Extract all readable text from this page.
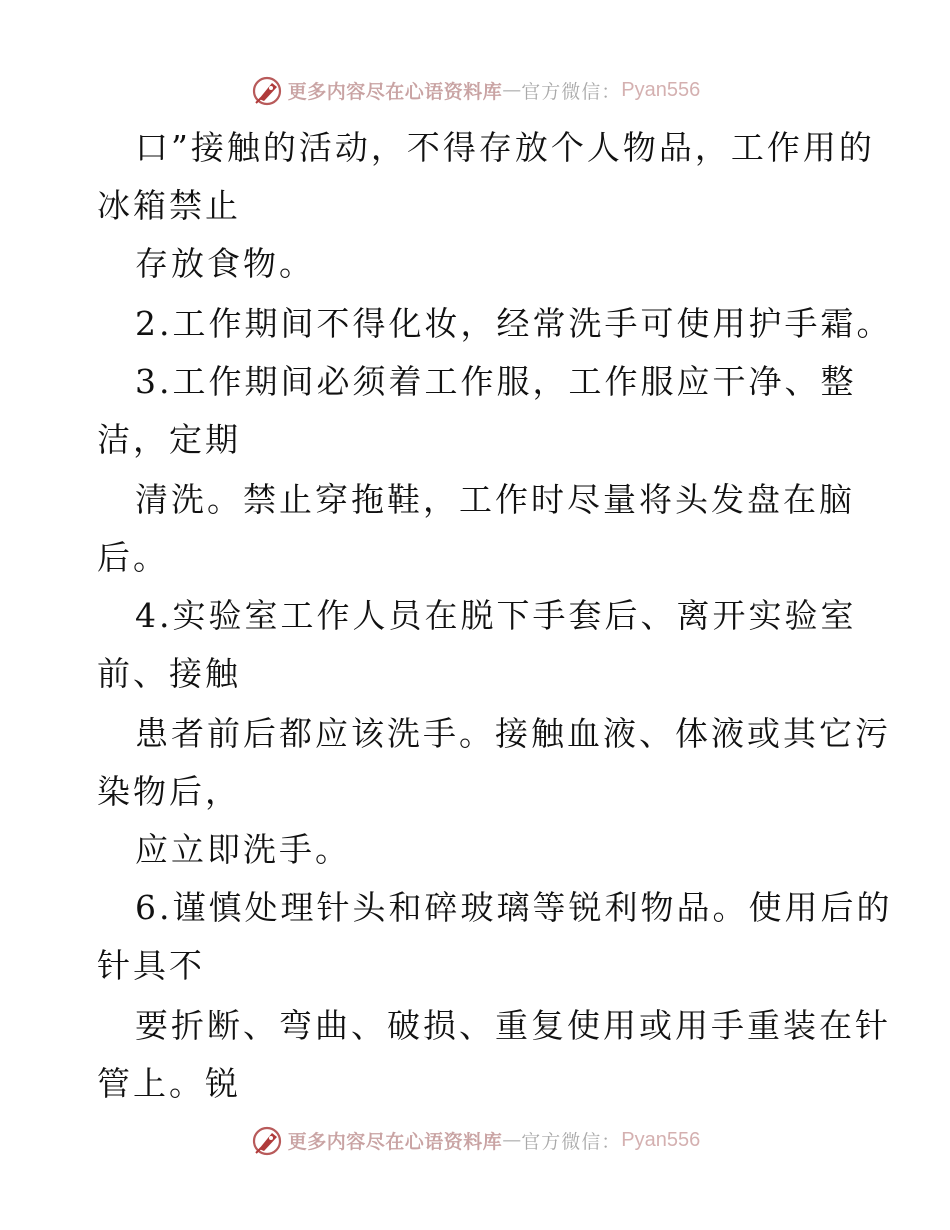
更多内容尽在心语资料库 — 官方微信： Pyan556
口”接触的活动，不得存放个人物品，工作用的
冰箱禁止
存放食物。
2.工作期间不得化妆，经常洗手可使用护手霜。
3.工作期间必须着工作服，工作服应干净、整
洁，定期
清洗。禁止穿拖鞋，工作时尽量将头发盘在脑
后。
4.实验室工作人员在脱下手套后、离开实验室
前、接触
患者前后都应该洗手。接触血液、体液或其它污
染物后，
应立即洗手。
6.谨慎处理针头和碎玻璃等锐利物品。使用后的
针具不
要折断、弯曲、破损、重复使用或用手重装在针
管上。锐
更多内容尽在心语资料库 — 官方微信： Pyan556
